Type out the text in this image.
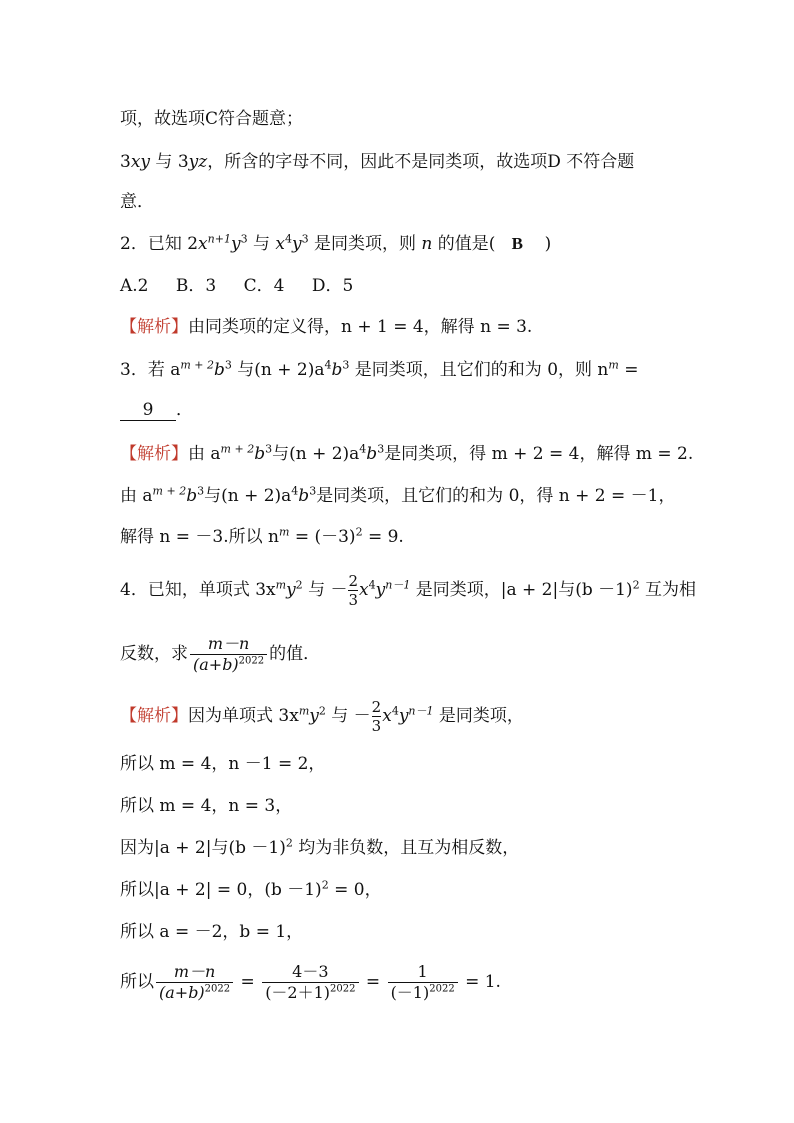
项，故选项C符合题意；
3xy 与 3yz，所含的字母不同，因此不是同类项，故选项D 不符合题
意．
2．已知 $2x^{n+1}y^3$ 与 $x^4y^3$ 是同类项，则 n 的值是( B )
A.2 B．3 C．4 D．5
【解析】由同类项的定义得，n + 1 = 4，解得 n = 3.
3．若 $a^{m + 2}b^3$ 与$(n + 2)a^4b^3$ 是同类项，且它们的和为 0，则 $n^m$ =
9 ．
【解析】由 $a^{m + 2}b^3$与$(n + 2)a^4b^3$是同类项，得 m + 2 = 4，解得 m = 2.
由 $a^{m + 2}b^3$与$(n + 2)a^4b^3$是同类项，且它们的和为 0，得 n + 2 = －1，
解得 n = －3.所以 $n^m = (-3)^2 = 9$.
4．已知，单项式 $3x^my^2$ 与 － $\frac{2}{3} x^4y^{n-1}$ 是同类项，|a + 2|与$(b -1)^2$ 互为相
反数，求 $\frac{m-n}{(a+b)^{2022}}$ 的值．
【解析】因为单项式 $3x^my^2$ 与 － $\frac{2}{3} x^4y^{n-1}$ 是同类项，
所以 m = 4，n －1 = 2，
所以 m = 4，n = 3，
因为|a + 2|与$(b -1)^2$ 均为非负数，且互为相反数，
所以|a + 2| = 0，$(b -1)^2 = 0$，
所以 a = －2，b = 1，
所以 $\frac{m-n}{(a+b)^{2022}} = \frac{4-3}{(-2+1)^{2022}} = \frac{1}{(-1)^{2022}} = 1$.
